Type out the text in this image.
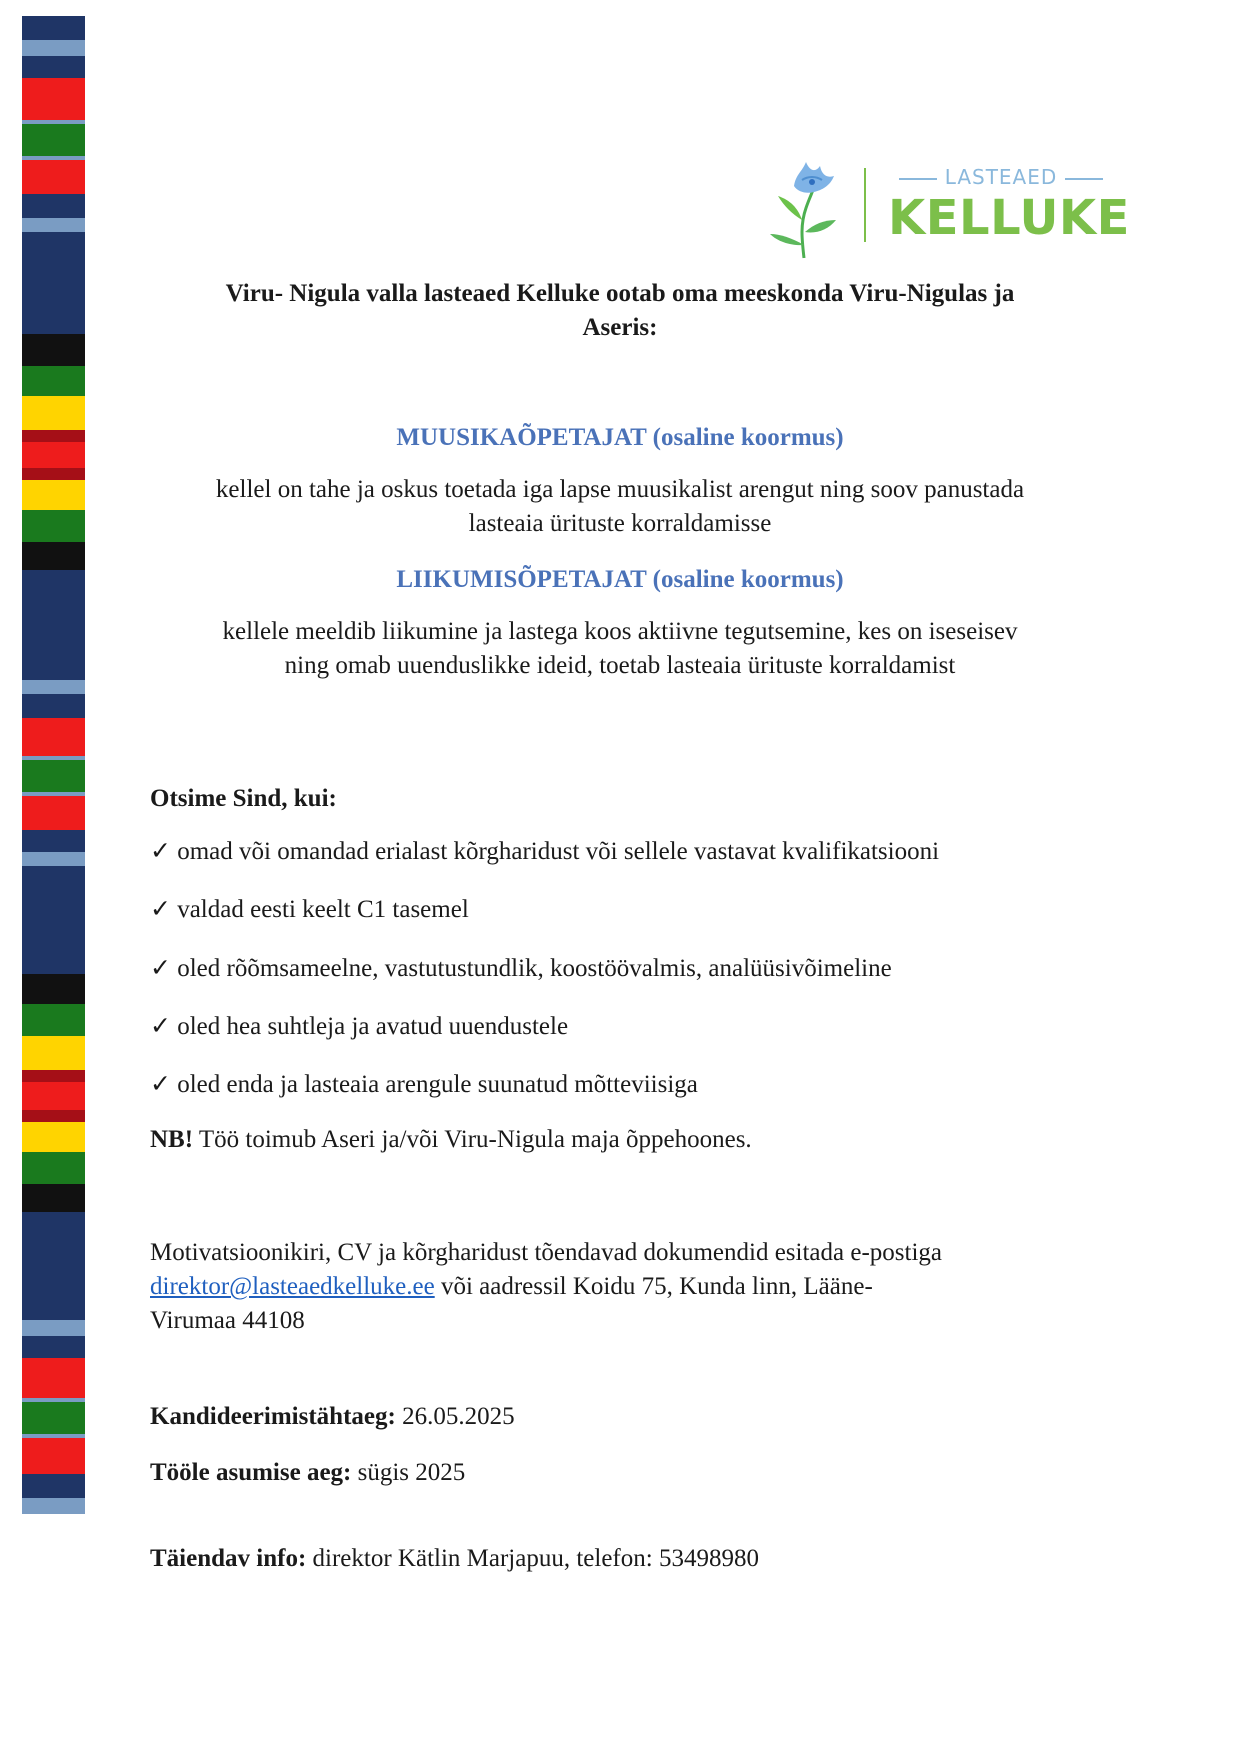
LASTEAED
KELLUKE
Viru- Nigula valla lasteaed Kelluke ootab oma meeskonda Viru-Nigulas ja
Aseris:
MUUSIKAÕPETAJAT (osaline koormus)
kellel on tahe ja oskus toetada iga lapse muusikalist arengut ning soov panustada
lasteaia ürituste korraldamisse
LIIKUMISÕPETAJAT (osaline koormus)
kellele meeldib liikumine ja lastega koos aktiivne tegutsemine, kes on iseseisev
ning omab uuenduslikke ideid, toetab lasteaia ürituste korraldamist
Otsime Sind, kui:
✓ omad või omandad erialast kõrgharidust või sellele vastavat kvalifikatsiooni
✓ valdad eesti keelt C1 tasemel
✓ oled rõõmsameelne, vastutustundlik, koostöövalmis, analüüsivõimeline
✓ oled hea suhtleja ja avatud uuendustele
✓ oled enda ja lasteaia arengule suunatud mõtteviisiga
NB! Töö toimub Aseri ja/või Viru-Nigula maja õppehoones.
Motivatsioonikiri, CV ja kõrgharidust tõendavad dokumendid esitada e-postiga
direktor@lasteaedkelluke.ee või aadressil Koidu 75, Kunda linn, Lääne-
Virumaa 44108
Kandideerimistähtaeg: 26.05.2025
Tööle asumise aeg: sügis 2025
Täiendav info: direktor Kätlin Marjapuu, telefon: 53498980
